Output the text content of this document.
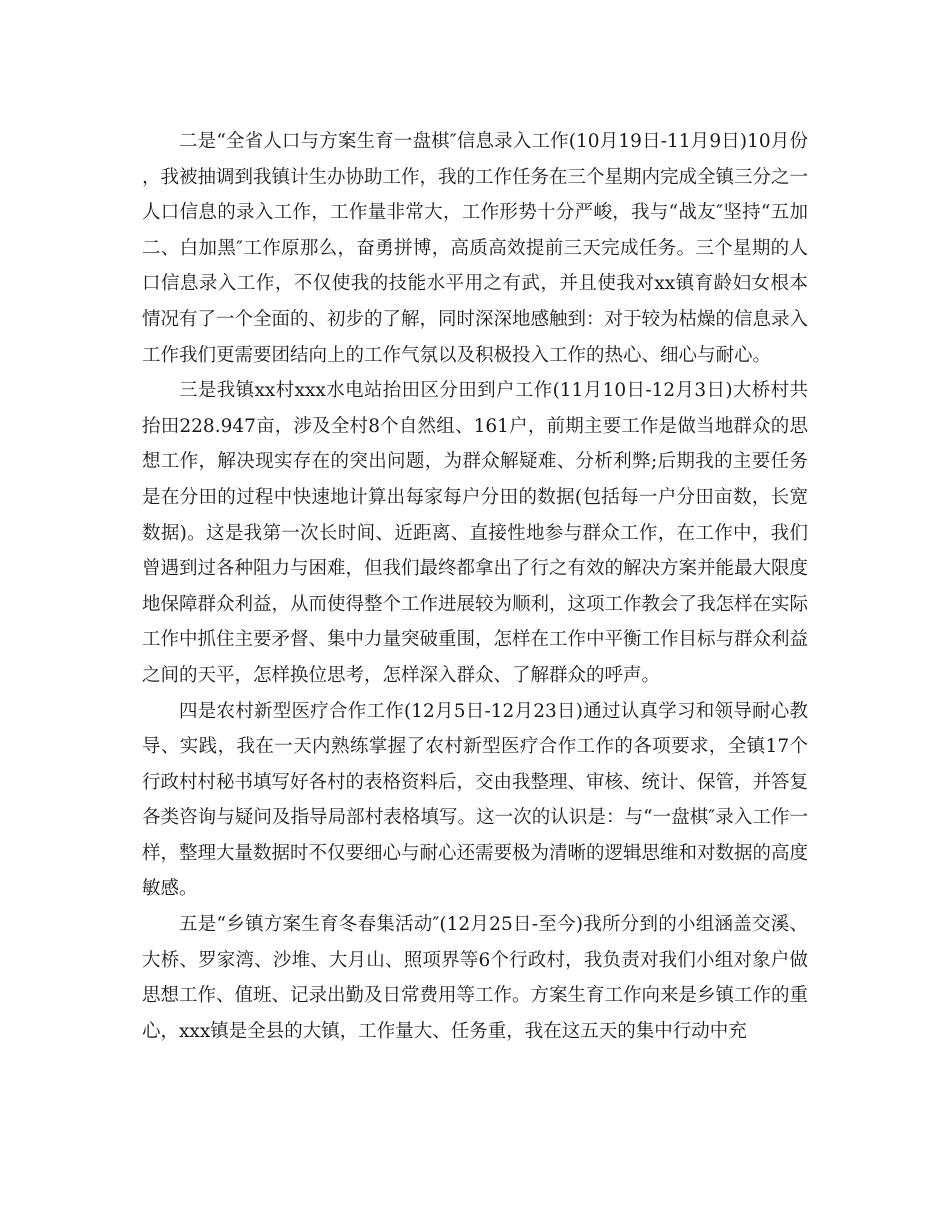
二是“全省人口与方案生育一盘棋″信息录入工作(10月19日-11月9日)10月份，我被抽调到我镇计生办协助工作，我的工作任务在三个星期内完成全镇三分之一人口信息的录入工作，工作量非常大，工作形势十分严峻，我与“战友″坚持“五加二、白加黑″工作原那么，奋勇拼博，高质高效提前三天完成任务。三个星期的人口信息录入工作，不仅使我的技能水平用之有武，并且使我对xx镇育龄妇女根本情况有了一个全面的、初步的了解，同时深深地感触到：对于较为枯燥的信息录入工作我们更需要团结向上的工作气氛以及积极投入工作的热心、细心与耐心。

三是我镇xx村xxx水电站抬田区分田到户工作(11月10日-12月3日)大桥村共抬田228.947亩，涉及全村8个自然组、161户，前期主要工作是做当地群众的思想工作，解决现实存在的突出问题，为群众解疑难、分析利弊;后期我的主要任务是在分田的过程中快速地计算出每家每户分田的数据(包括每一户分田亩数，长宽数据)。这是我第一次长时间、近距离、直接性地参与群众工作，在工作中，我们曾遇到过各种阻力与困难，但我们最终都拿出了行之有效的解决方案并能最大限度地保障群众利益，从而使得整个工作进展较为顺利，这项工作教会了我怎样在实际工作中抓住主要矛督、集中力量突破重围，怎样在工作中平衡工作目标与群众利益之间的天平，怎样换位思考，怎样深入群众、了解群众的呼声。

四是农村新型医疗合作工作(12月5日-12月23日)通过认真学习和领导耐心教导、实践，我在一天内熟练掌握了农村新型医疗合作工作的各项要求，全镇17个行政村村秘书填写好各村的表格资料后，交由我整理、审核、统计、保管，并答复各类咨询与疑问及指导局部村表格填写。这一次的认识是：与“一盘棋″录入工作一样，整理大量数据时不仅要细心与耐心还需要极为清晰的逻辑思维和对数据的高度敏感。

五是“乡镇方案生育冬春集活动″(12月25日-至今)我所分到的小组涵盖交溪、大桥、罗家湾、沙堆、大月山、照项界等6个行政村，我负责对我们小组对象户做思想工作、值班、记录出勤及日常费用等工作。方案生育工作向来是乡镇工作的重心，xxx镇是全县的大镇，工作量大、任务重，我在这五天的集中行动中充
